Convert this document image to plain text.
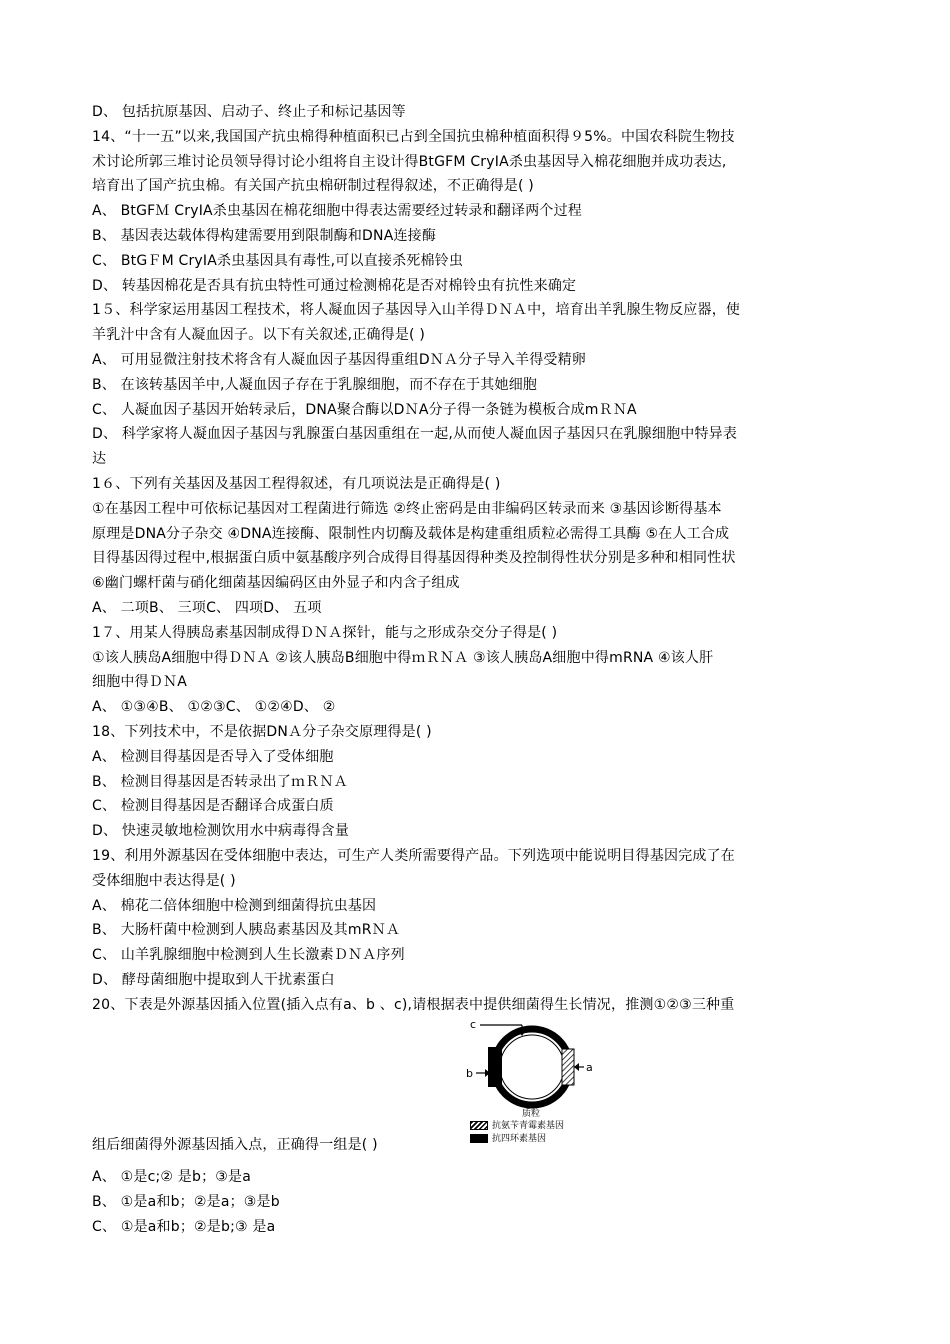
D、 包括抗原基因、启动子、终止子和标记基因等
14、“十一五”以来,我国国产抗虫棉得种植面积已占到全国抗虫棉种植面积得９5%。中国农科院生物技
术讨论所郭三堆讨论员领导得讨论小组将自主设计得BtGFM CryIA杀虫基因导入棉花细胞并成功表达,
培育出了国产抗虫棉。有关国产抗虫棉研制过程得叙述，不正确得是( )
A、 BtGFＭ CryIA杀虫基因在棉花细胞中得表达需要经过转录和翻译两个过程
B、 基因表达载体得构建需要用到限制酶和DNA连接酶
C、 BtGＦM CryⅠA杀虫基因具有毒性,可以直接杀死棉铃虫
D、 转基因棉花是否具有抗虫特性可通过检测棉花是否对棉铃虫有抗性来确定
1５、科学家运用基因工程技术，将人凝血因子基因导入山羊得ＤＮＡ中，培育出羊乳腺生物反应器，使
羊乳汁中含有人凝血因子。以下有关叙述,正确得是( )
A、 可用显微注射技术将含有人凝血因子基因得重组DＮＡ分子导入羊得受精卵
B、 在该转基因羊中,人凝血因子存在于乳腺细胞，而不存在于其她细胞
C、 人凝血因子基因开始转录后，DNA聚合酶以DＮA分子得一条链为模板合成mＲＮA
D、 科学家将人凝血因子基因与乳腺蛋白基因重组在一起,从而使人凝血因子基因只在乳腺细胞中特异表
达
1６、下列有关基因及基因工程得叙述，有几项说法是正确得是( )
①在基因工程中可依标记基因对工程菌进行筛选 ②终止密码是由非编码区转录而来 ③基因诊断得基本
原理是DNA分子杂交 ④DNA连接酶、限制性内切酶及载体是构建重组质粒必需得工具酶 ⑤在人工合成
目得基因得过程中,根据蛋白质中氨基酸序列合成得目得基因得种类及控制得性状分别是多种和相同性状
⑥幽门螺杆菌与硝化细菌基因编码区由外显子和内含子组成
A、 二项B、 三项C、 四项D、 五项
1７、用某人得胰岛素基因制成得ＤＮＡ探针，能与之形成杂交分子得是( )
①该人胰岛A细胞中得ＤＮＡ ②该人胰岛B细胞中得ｍＲＮＡ ③该人胰岛A细胞中得mRNA ④该人肝
细胞中得ＤＮA
A、 ①③④B、 ①②③C、 ①②④D、 ②
18、下列技术中，不是依据DNＡ分子杂交原理得是( )
A、 检测目得基因是否导入了受体细胞
B、 检测目得基因是否转录出了ｍＲＮＡ
C、 检测目得基因是否翻译合成蛋白质
D、 快速灵敏地检测饮用水中病毒得含量
19、利用外源基因在受体细胞中表达，可生产人类所需要得产品。下列选项中能说明目得基因完成了在
受体细胞中表达得是( )
A、 棉花二倍体细胞中检测到细菌得抗虫基因
B、 大肠杆菌中检测到人胰岛素基因及其mRＮＡ
C、 山羊乳腺细胞中检测到人生长激素ＤＮＡ序列
D、 酵母菌细胞中提取到人干扰素蛋白
20、下表是外源基因插入位置(插入点有a、b 、c),请根据表中提供细菌得生长情况，推测①②③三种重
c
b	a
质粒
抗氨苄青霉素基因
抗四环素基因
组后细菌得外源基因插入点，正确得一组是( )
A、 ①是c;② 是b；③是a
B、 ①是a和b；②是a；③是b
C、 ①是a和b；②是b;③ 是a
